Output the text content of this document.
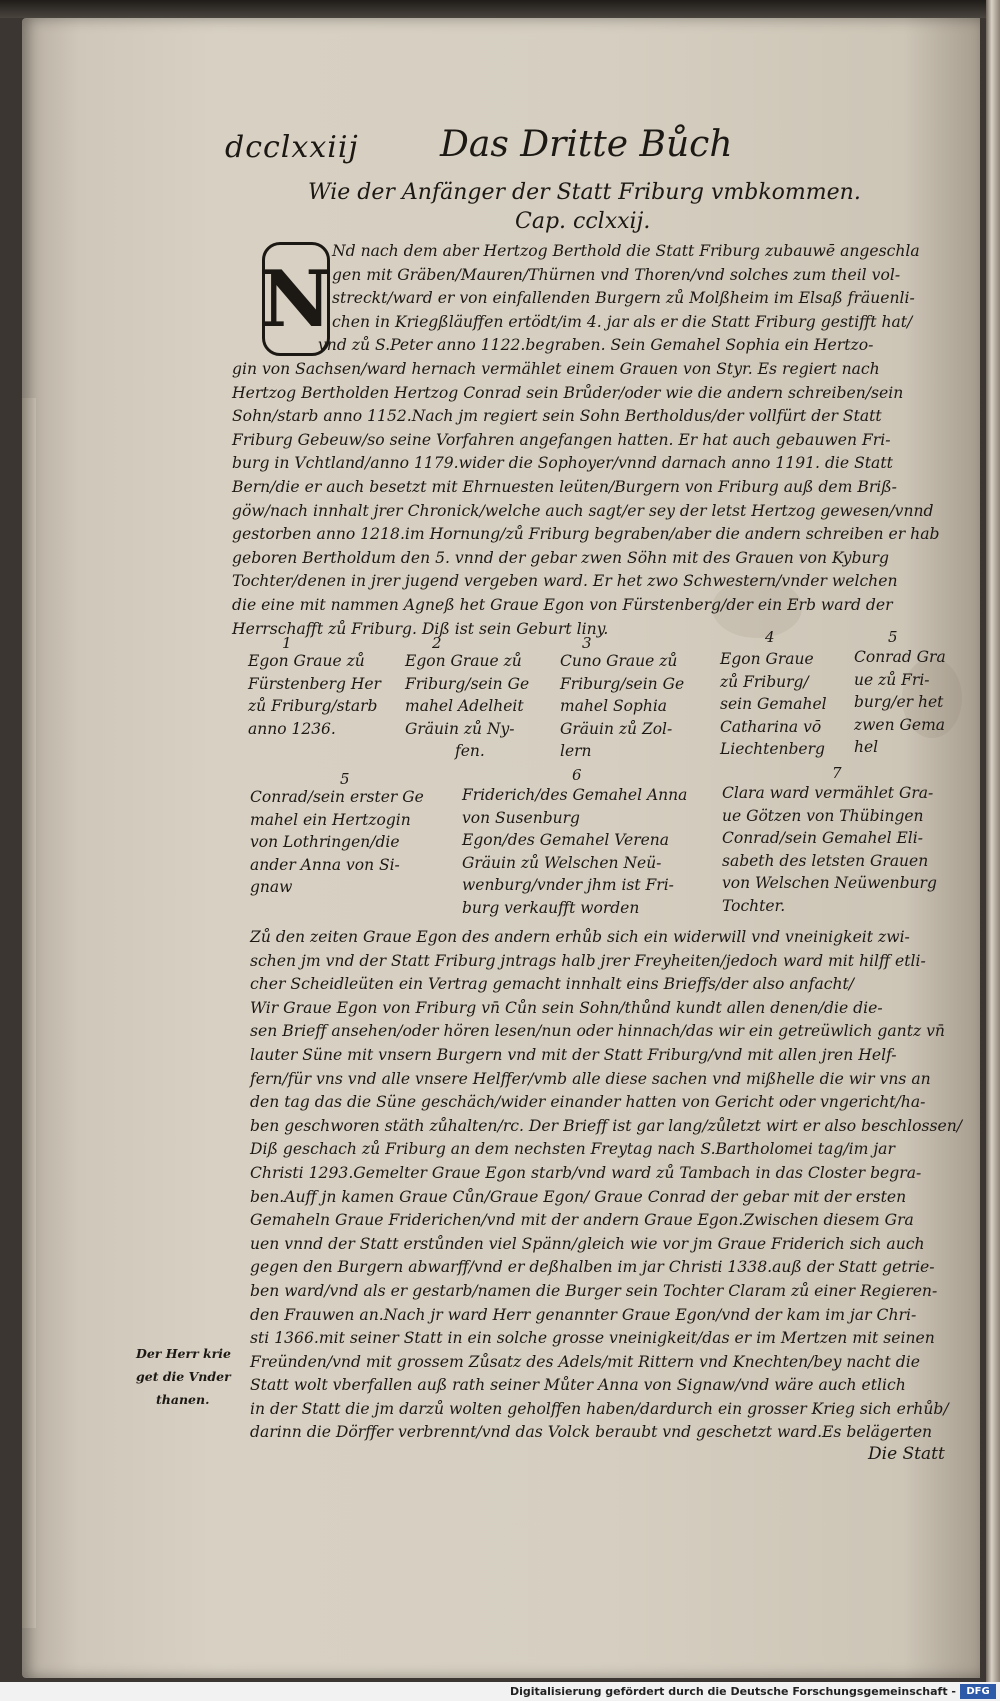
dcclxxiij Das Dritte Bůch
Wie der Anfänger der Statt Friburg vmbkommen.
Cap. cclxxij.
N
Nd nach dem aber Hertzog Berthold die Statt Friburg zubauwē angeschla
gen mit Gräben/Mauren/Thürnen vnd Thoren/vnd solches zum theil vol-
streckt/ward er von einfallenden Burgern zů Molßheim im Elsaß fräuenli-
chen in Kriegßläuffen ertödt/im 4. jar als er die Statt Friburg gestifft hat/
vnd zů S.Peter anno 1122.begraben. Sein Gemahel Sophia ein Hertzo-
gin von Sachsen/ward hernach vermählet einem Grauen von Styr. Es regiert nach
Hertzog Bertholden Hertzog Conrad sein Brůder/oder wie die andern schreiben/sein
Sohn/starb anno 1152.Nach jm regiert sein Sohn Bertholdus/der vollfürt der Statt
Friburg Gebeuw/so seine Vorfahren angefangen hatten. Er hat auch gebauwen Fri-
burg in Vchtland/anno 1179.wider die Sophoyer/vnnd darnach anno 1191. die Statt
Bern/die er auch besetzt mit Ehrnuesten leüten/Burgern von Friburg auß dem Briß-
göw/nach innhalt jrer Chronick/welche auch sagt/er sey der letst Hertzog gewesen/vnnd
gestorben anno 1218.im Hornung/zů Friburg begraben/aber die andern schreiben er hab
geboren Bertholdum den 5. vnnd der gebar zwen Söhn mit des Grauen von Kyburg
Tochter/denen in jrer jugend vergeben ward. Er het zwo Schwestern/vnder welchen
die eine mit nammen Agneß het Graue Egon von Fürstenberg/der ein Erb ward der
Herrschafft zů Friburg. Diß ist sein Geburt liny.
1	2	3	4	5
Egon Graue zů
Fürstenberg Her
zů Friburg/starb
anno 1236.
Egon Graue zů
Friburg/sein Ge
mahel Adelheit
Gräuin zů Ny-
fen.
Cuno Graue zů
Friburg/sein Ge
mahel Sophia
Gräuin zů Zol-
lern
Egon Graue
zů Friburg/
sein Gemahel
Catharina vō
Liechtenberg
Conrad Gra
ue zů Fri-
burg/er het
zwen Gema
hel
5	6	7
Conrad/sein erster Ge
mahel ein Hertzogin
von Lothringen/die
ander Anna von Si-
gnaw
Friderich/des Gemahel Anna
von Susenburg
Egon/des Gemahel Verena
Gräuin zů Welschen Neü-
wenburg/vnder jhm ist Fri-
burg verkaufft worden
Clara ward vermählet Gra-
ue Götzen von Thübingen
Conrad/sein Gemahel Eli-
sabeth des letsten Grauen
von Welschen Neüwenburg
Tochter.
Zů den zeiten Graue Egon des andern erhůb sich ein widerwill vnd vneinigkeit zwi-
schen jm vnd der Statt Friburg jntrags halb jrer Freyheiten/jedoch ward mit hilff etli-
cher Scheidleüten ein Vertrag gemacht innhalt eins Brieffs/der also anfacht/
Wir Graue Egon von Friburg vn̄ Cůn sein Sohn/thůnd kundt allen denen/die die-
sen Brieff ansehen/oder hören lesen/nun oder hinnach/das wir ein getreüwlich gantz vn̄
lauter Süne mit vnsern Burgern vnd mit der Statt Friburg/vnd mit allen jren Helf-
fern/für vns vnd alle vnsere Helffer/vmb alle diese sachen vnd mißhelle die wir vns an
den tag das die Süne geschäch/wider einander hatten von Gericht oder vngericht/ha-
ben geschworen stäth zůhalten/rc. Der Brieff ist gar lang/zůletzt wirt er also beschlossen/
Diß geschach zů Friburg an dem nechsten Freytag nach S.Bartholomei tag/im jar
Christi 1293.Gemelter Graue Egon starb/vnd ward zů Tambach in das Closter begra-
ben.Auff jn kamen Graue Cůn/Graue Egon/ Graue Conrad der gebar mit der ersten
Gemaheln Graue Friderichen/vnd mit der andern Graue Egon.Zwischen diesem Gra
uen vnnd der Statt erstůnden viel Spänn/gleich wie vor jm Graue Friderich sich auch
gegen den Burgern abwarff/vnd er deßhalben im jar Christi 1338.auß der Statt getrie-
ben ward/vnd als er gestarb/namen die Burger sein Tochter Claram zů einer Regieren-
den Frauwen an.Nach jr ward Herr genannter Graue Egon/vnd der kam im jar Chri-
sti 1366.mit seiner Statt in ein solche grosse vneinigkeit/das er im Mertzen mit seinen
Freünden/vnd mit grossem Zůsatz des Adels/mit Rittern vnd Knechten/bey nacht die
Statt wolt vberfallen auß rath seiner Můter Anna von Signaw/vnd wäre auch etlich
in der Statt die jm darzů wolten geholffen haben/dardurch ein grosser Krieg sich erhůb/
darinn die Dörffer verbrennt/vnd das Volck beraubt vnd geschetzt ward.Es belägerten
Der Herr krie
get die Vnder
thanen.
Die Statt
Digitalisierung gefördert durch die Deutsche Forschungsgemeinschaft -	DFG
